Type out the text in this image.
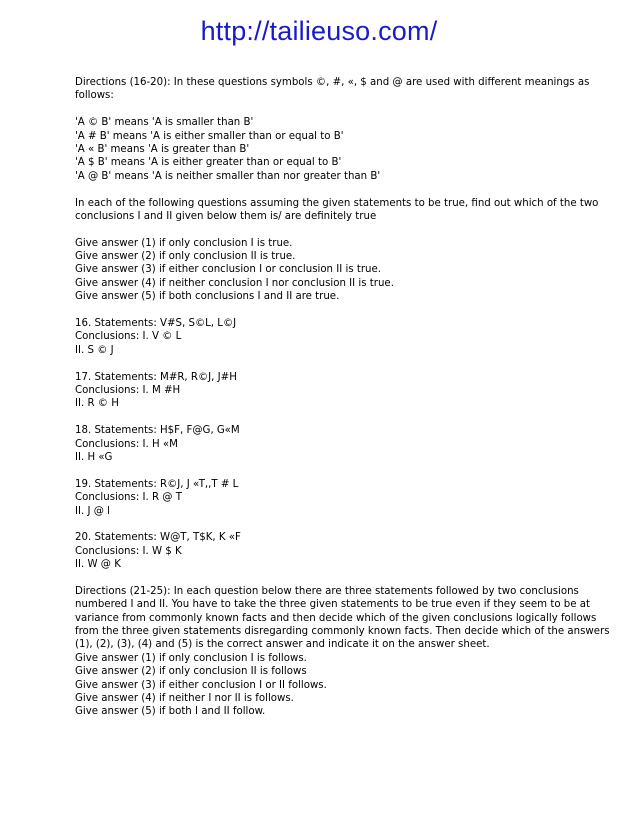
http://tailieuso.com/
Directions (16-20): In these questions symbols ©, #, «, $ and @ are used with different meanings as
follows:
'A © B' means 'A is smaller than B'
'A # B' means 'A is either smaller than or equal to B'
'A « B' means 'A is greater than B'
'A $ B' means 'A is either greater than or equal to B'
'A @ B' means 'A is neither smaller than nor greater than B'
In each of the following questions assuming the given statements to be true, find out which of the two
conclusions I and II given below them is/ are definitely true
Give answer (1) if only conclusion I is true.
Give answer (2) if only conclusion II is true.
Give answer (3) if either conclusion I or conclusion II is true.
Give answer (4) if neither conclusion I nor conclusion II is true.
Give answer (5) if both conclusions I and II are true.
16. Statements: V#S, S©L, L©J
Conclusions: I. V © L
II. S © J
17. Statements: M#R, R©J, J#H
Conclusions: I. M #H
II. R © H
18. Statements: H$F, F@G, G«M
Conclusions: I. H «M
II. H «G
19. Statements: R©J, J «T,,T # L
Conclusions: I. R @ T
II. J @ l
20. Statements: W@T, T$K, K «F
Conclusions: I. W $ K
II. W @ K
Directions (21-25): In each question below there are three statements followed by two conclusions
numbered I and II. You have to take the three given statements to be true even if they seem to be at
variance from commonly known facts and then decide which of the given conclusions logically follows
from the three given statements disregarding commonly known facts. Then decide which of the answers
(1), (2), (3), (4) and (5) is the correct answer and indicate it on the answer sheet.
Give answer (1) if only conclusion I is follows.
Give answer (2) if only conclusion II is follows
Give answer (3) if either conclusion I or II follows.
Give answer (4) if neither I nor II is follows.
Give answer (5) if both I and II follow.
